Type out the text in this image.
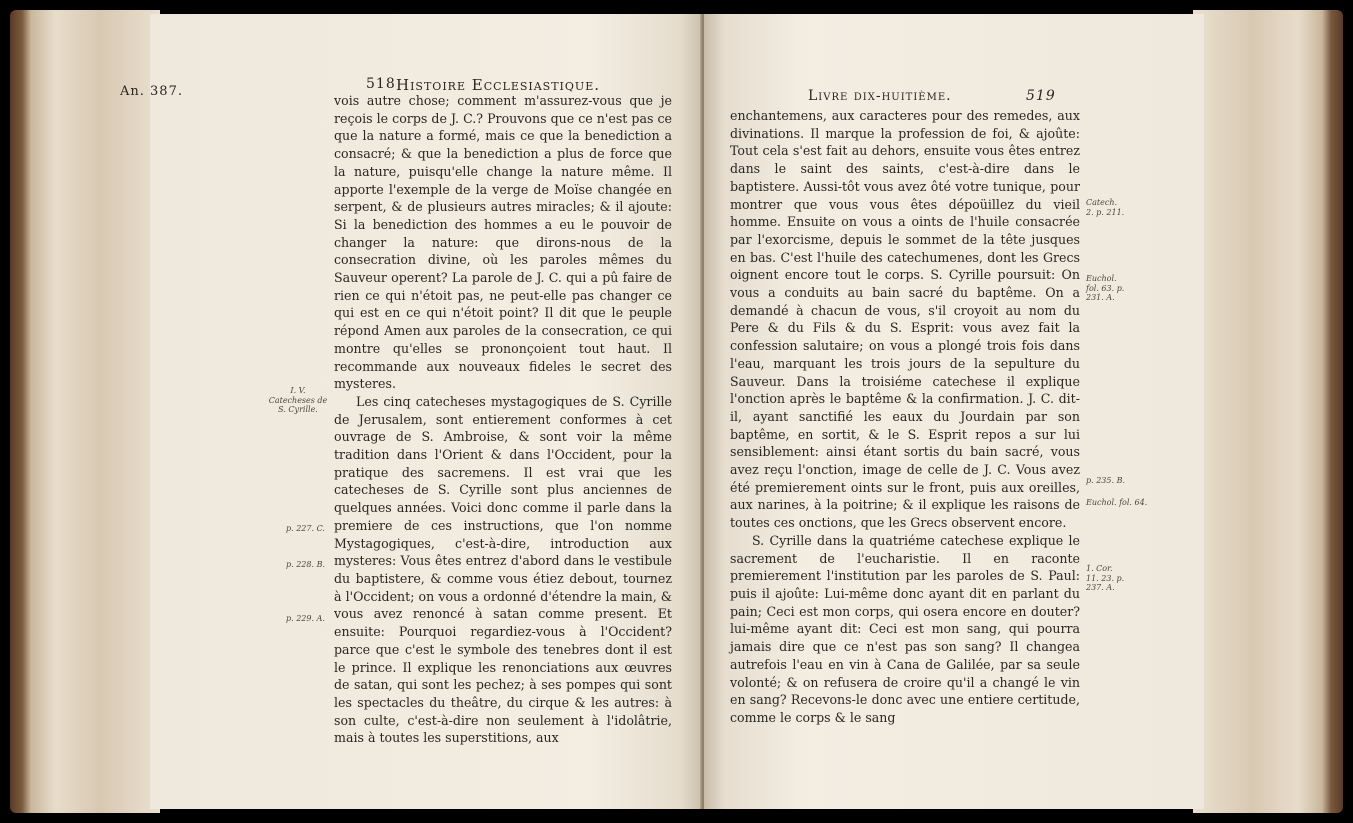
518 Histoire Ecclesiastique.
An. 387.
I. V. Catecheses de S. Cyrille.
p. 227. C.
p. 228. B.
p. 229. A.

vois autre chose; comment m'assurez-vous que je reçois le corps de J. C.? Prouvons que ce n'est pas ce que la nature a formé, mais ce que la benediction a consacré; & que la benediction a plus de force que la nature, puisqu'elle change la nature même. Il apporte l'exemple de la verge de Moïse changée en serpent, & de plusieurs autres miracles; & il ajoute: Si la benediction des hommes a eu le pouvoir de changer la nature: que dirons-nous de la consecration divine, où les paroles mêmes du Sauveur operent? La parole de J. C. qui a pû faire de rien ce qui n'étoit pas, ne peut-elle pas changer ce qui est en ce qui n'étoit point? Il dit que le peuple répond Amen aux paroles de la consecration, ce qui montre qu'elles se prononçoient tout haut. Il recommande aux nouveaux fideles le secret des mysteres.

Les cinq catecheses mystagogiques de S. Cyrille de Jerusalem, sont entierement conformes à cet ouvrage de S. Ambroise, & sont voir la même tradition dans l'Orient & dans l'Occident, pour la pratique des sacremens. Il est vrai que les catecheses de S. Cyrille sont plus anciennes de quelques années. Voici donc comme il parle dans la premiere de ces instructions, que l'on nomme Mystagogiques, c'est-à-dire, introduction aux mysteres: Vous êtes entrez d'abord dans le vestibule du baptistere, & comme vous étiez debout, tournez à l'Occident; on vous a ordonné d'étendre la main, & vous avez renoncé à satan comme present. Et ensuite: Pourquoi regardiez-vous à l'Occident? parce que c'est le symbole des tenebres dont il est le prince. Il explique les renonciations aux œuvres de satan, qui sont les pechez; à ses pompes qui sont les spectacles du theâtre, du cirque & les autres: à son culte, c'est-à-dire non seulement à l'idolâtrie, mais à toutes les superstitions, aux

Livre dix-huitième.	519

enchantemens, aux caracteres pour des remedes, aux divinations. Il marque la profession de foi, & ajoûte: Tout cela s'est fait au dehors, ensuite vous êtes entrez dans le saint des saints, c'est-à-dire dans le baptistere. Aussi-tôt vous avez ôté votre tunique, pour montrer que vous vous êtes dépoüillez du vieil homme. Ensuite on vous a oints de l'huile consacrée par l'exorcisme, depuis le sommet de la tête jusques en bas. C'est l'huile des catechumenes, dont les Grecs oignent encore tout le corps. S. Cyrille poursuit: On vous a conduits au bain sacré du baptême. On a demandé à chacun de vous, s'il croyoit au nom du Pere & du Fils & du S. Esprit: vous avez fait la confession salutaire; on vous a plongé trois fois dans l'eau, marquant les trois jours de la sepulture du Sauveur. Dans la troisiéme catechese il explique l'onction après le baptême & la confirmation. J. C. dit-il, ayant sanctifié les eaux du Jourdain par son baptême, en sortit, & le S. Esprit repos a sur lui sensiblement: ainsi étant sortis du bain sacré, vous avez reçu l'onction, image de celle de J. C. Vous avez été premierement oints sur le front, puis aux oreilles, aux narines, à la poitrine; & il explique les raisons de toutes ces onctions, que les Grecs observent encore.

S. Cyrille dans la quatriéme catechese explique le sacrement de l'eucharistie. Il en raconte premierement l'institution par les paroles de S. Paul: puis il ajoûte: Lui-même donc ayant dit en parlant du pain; Ceci est mon corps, qui osera encore en douter? lui-même ayant dit: Ceci est mon sang, qui pourra jamais dire que ce n'est pas son sang? Il changea autrefois l'eau en vin à Cana de Galilée, par sa seule volonté; & on refusera de croire qu'il a changé le vin en sang? Recevons-le donc avec une entiere certitude, comme le corps & le sang

Catech. 2. p. 211.
Euchol. fol. 63. p. 231. A.
p. 235. B.
Euchol. fol. 64.
1. Cor. 11. 23. p. 237. A.
